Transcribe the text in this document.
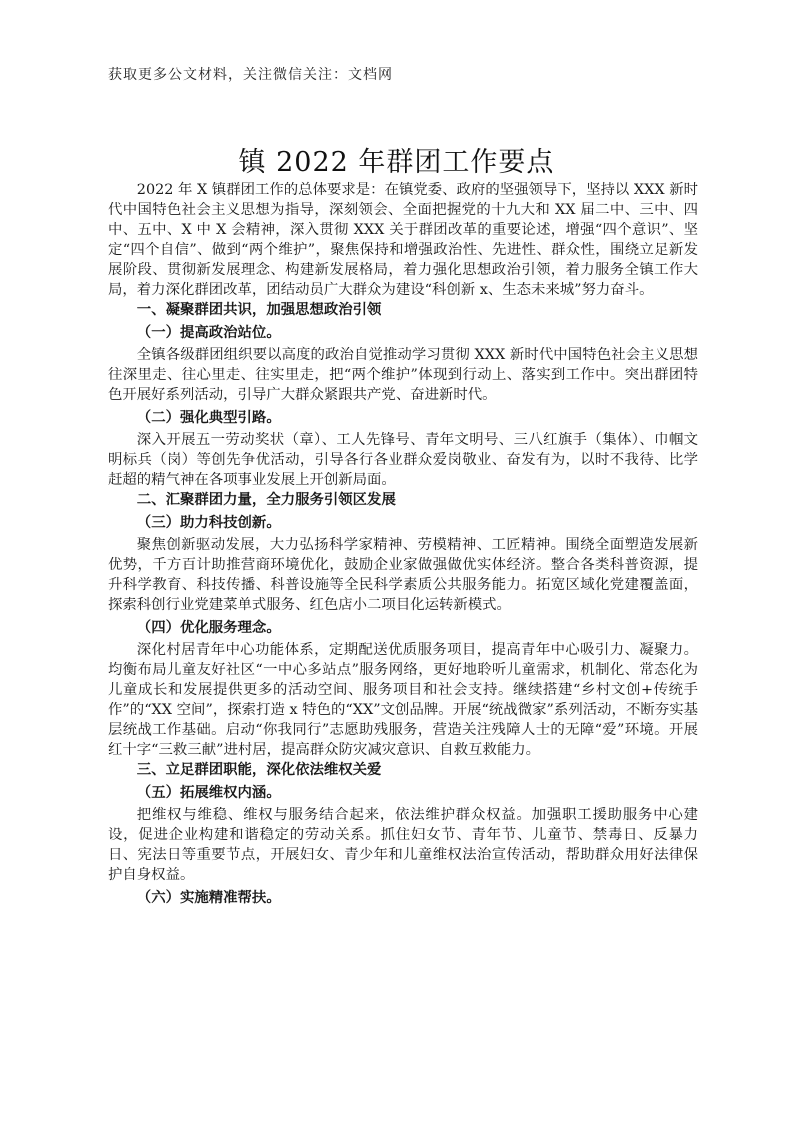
获取更多公文材料，关注微信关注：文档网
镇 2022 年群团工作要点

2022 年 X 镇群团工作的总体要求是：在镇党委、政府的坚强领导下，坚持以 XXX 新时代中国特色社会主义思想为指导，深刻领会、全面把握党的十九大和 XX 届二中、三中、四中、五中、X 中 X 会精神，深入贯彻 XXX 关于群团改革的重要论述，增强“四个意识”、坚定“四个自信”、做到“两个维护”，聚焦保持和增强政治性、先进性、群众性，围绕立足新发展阶段、贯彻新发展理念、构建新发展格局，着力强化思想政治引领，着力服务全镇工作大局，着力深化群团改革，团结动员广大群众为建设“科创新 x、生态未来城”努力奋斗。

一、凝聚群团共识，加强思想政治引领

（一）提高政治站位。

全镇各级群团组织要以高度的政治自觉推动学习贯彻 XXX 新时代中国特色社会主义思想往深里走、往心里走、往实里走，把“两个维护”体现到行动上、落实到工作中。突出群团特色开展好系列活动，引导广大群众紧跟共产党、奋进新时代。

（二）强化典型引路。

深入开展五一劳动奖状（章）、工人先锋号、青年文明号、三八红旗手（集体）、巾帼文明标兵（岗）等创先争优活动，引导各行各业群众爱岗敬业、奋发有为，以时不我待、比学赶超的精气神在各项事业发展上开创新局面。

二、汇聚群团力量，全力服务引领区发展

（三）助力科技创新。

聚焦创新驱动发展，大力弘扬科学家精神、劳模精神、工匠精神。围绕全面塑造发展新优势，千方百计助推营商环境优化，鼓励企业家做强做优实体经济。整合各类科普资源，提升科学教育、科技传播、科普设施等全民科学素质公共服务能力。拓宽区域化党建覆盖面，探索科创行业党建菜单式服务、红色店小二项目化运转新模式。

（四）优化服务理念。

深化村居青年中心功能体系，定期配送优质服务项目，提高青年中心吸引力、凝聚力。均衡布局儿童友好社区“一中心多站点”服务网络，更好地聆听儿童需求，机制化、常态化为儿童成长和发展提供更多的活动空间、服务项目和社会支持。继续搭建“乡村文创+传统手作”的“XX 空间”，探索打造 x 特色的“XX”文创品牌。开展“统战微家”系列活动，不断夯实基层统战工作基础。启动“你我同行”志愿助残服务，营造关注残障人士的无障“爱”环境。开展红十字“三救三献”进村居，提高群众防灾减灾意识、自救互救能力。

三、立足群团职能，深化依法维权关爱

（五）拓展维权内涵。

把维权与维稳、维权与服务结合起来，依法维护群众权益。加强职工援助服务中心建设，促进企业构建和谐稳定的劳动关系。抓住妇女节、青年节、儿童节、禁毒日、反暴力日、宪法日等重要节点，开展妇女、青少年和儿童维权法治宣传活动，帮助群众用好法律保护自身权益。

（六）实施精准帮扶。
